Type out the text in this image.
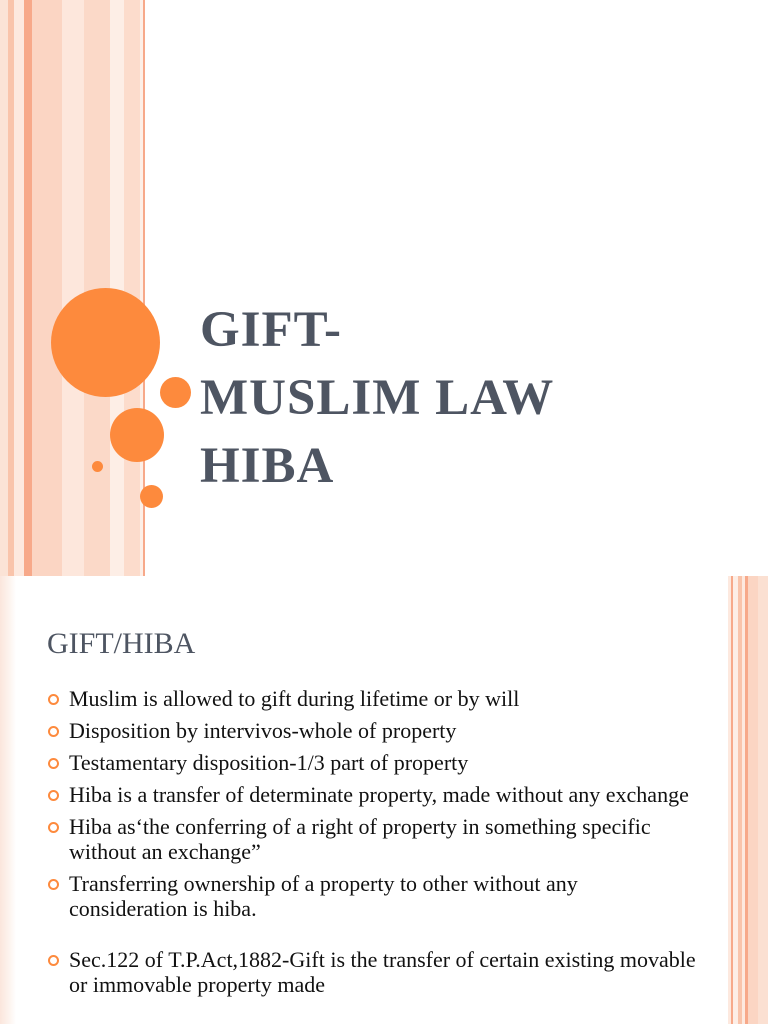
GIFT-
MUSLIM LAW
HIBA
GIFT/HIBA
Muslim is allowed to gift during lifetime or by will
Disposition by intervivos-whole of property
Testamentary disposition-1/3 part of property
Hiba is a transfer of determinate property, made without any exchange
Hiba as‘the conferring of a right of property in something specific without an exchange”
Transferring ownership of a property to other without any consideration is hiba.
Sec.122 of T.P.Act,1882-Gift is the transfer of certain existing movable or immovable property made
